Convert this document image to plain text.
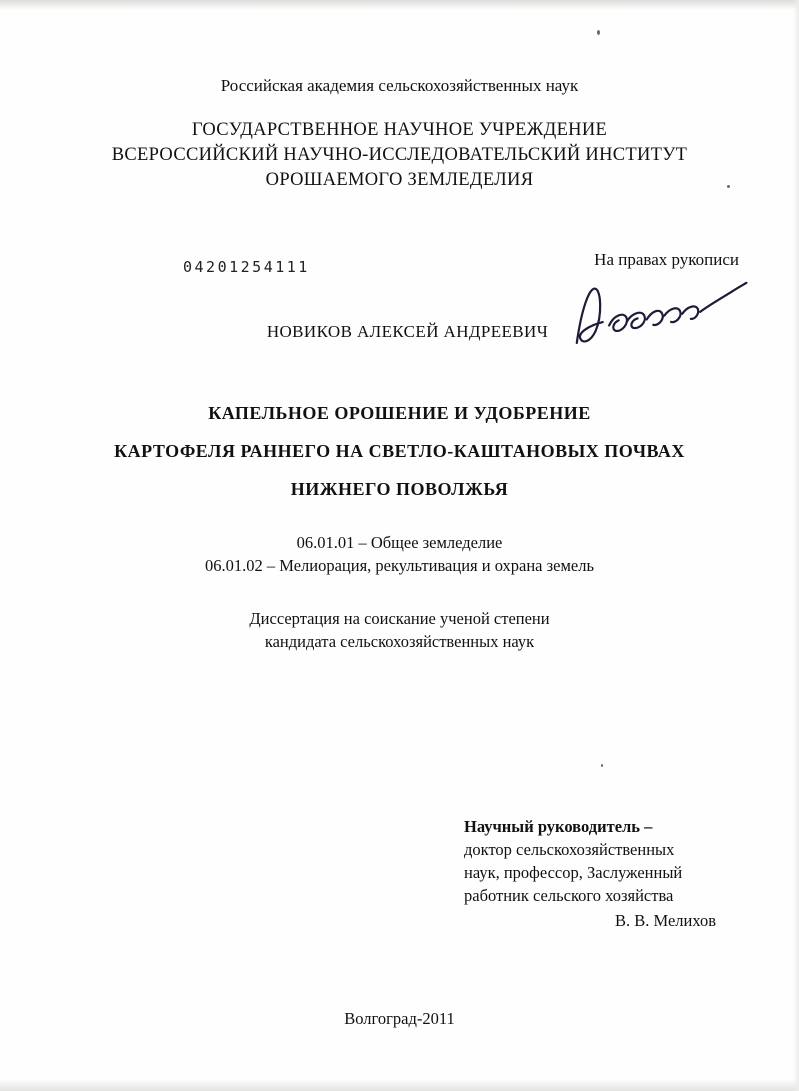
Российская академия сельскохозяйственных наук
ГОСУДАРСТВЕННОЕ НАУЧНОЕ УЧРЕЖДЕНИЕ
ВСЕРОССИЙСКИЙ НАУЧНО-ИССЛЕДОВАТЕЛЬСКИЙ ИНСТИТУТ
ОРОШАЕМОГО ЗЕМЛЕДЕЛИЯ
04201254111	На правах рукописи
НОВИКОВ АЛЕКСЕЙ АНДРЕЕВИЧ
КАПЕЛЬНОЕ ОРОШЕНИЕ И УДОБРЕНИЕ
КАРТОФЕЛЯ РАННЕГО НА СВЕТЛО-КАШТАНОВЫХ ПОЧВАХ
НИЖНЕГО ПОВОЛЖЬЯ
06.01.01 – Общее земледелие
06.01.02 – Мелиорация, рекультивация и охрана земель
Диссертация на соискание ученой степени
кандидата сельскохозяйственных наук
Научный руководитель –
доктор сельскохозяйственных
наук, профессор, Заслуженный
работник сельского хозяйства
В. В. Мелихов
Волгоград-2011
